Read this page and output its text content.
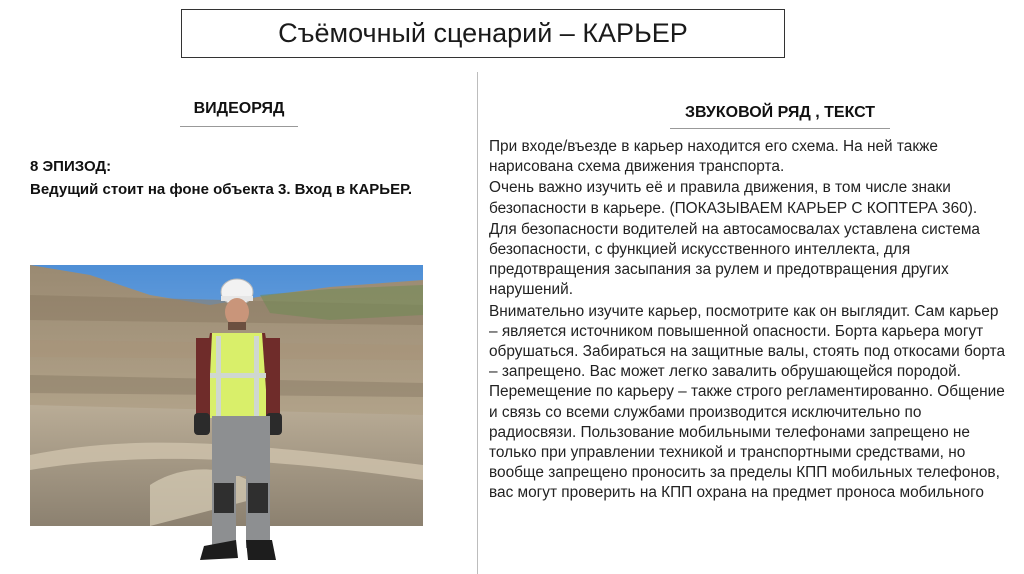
Съёмочный сценарий – КАРЬЕР
ВИДЕОРЯД	ЗВУКОВОЙ РЯД , ТЕКСТ
8 ЭПИЗОД:
Ведущий стоит на фоне объекта 3. Вход в КАРЬЕР.

При входе/въезде в карьер находится его схема. На ней также нарисована схема движения транспорта.

Очень важно изучить её и правила движения, в том числе знаки безопасности в карьере. (ПОКАЗЫВАЕМ КАРЬЕР С КОПТЕРА 360).

Для безопасности водителей на автосамосвалах уставлена система безопасности, с функцией искусственного интеллекта, для предотвращения засыпания за рулем и предотвращения других нарушений.

Внимательно изучите карьер, посмотрите как он выглядит. Сам карьер – является источником повышенной опасности. Борта карьера могут обрушаться. Забираться на защитные валы, стоять под откосами борта – запрещено. Вас может легко завалить обрушающейся породой. Перемещение по карьеру – также строго регламентированно. Общение и связь со всеми службами производится исключительно по радиосвязи. Пользование мобильными телефонами запрещено не только при управлении техникой и транспортными средствами, но вообще запрещено проносить за пределы КПП мобильных телефонов, вас могут проверить на КПП охрана на предмет проноса мобильного
